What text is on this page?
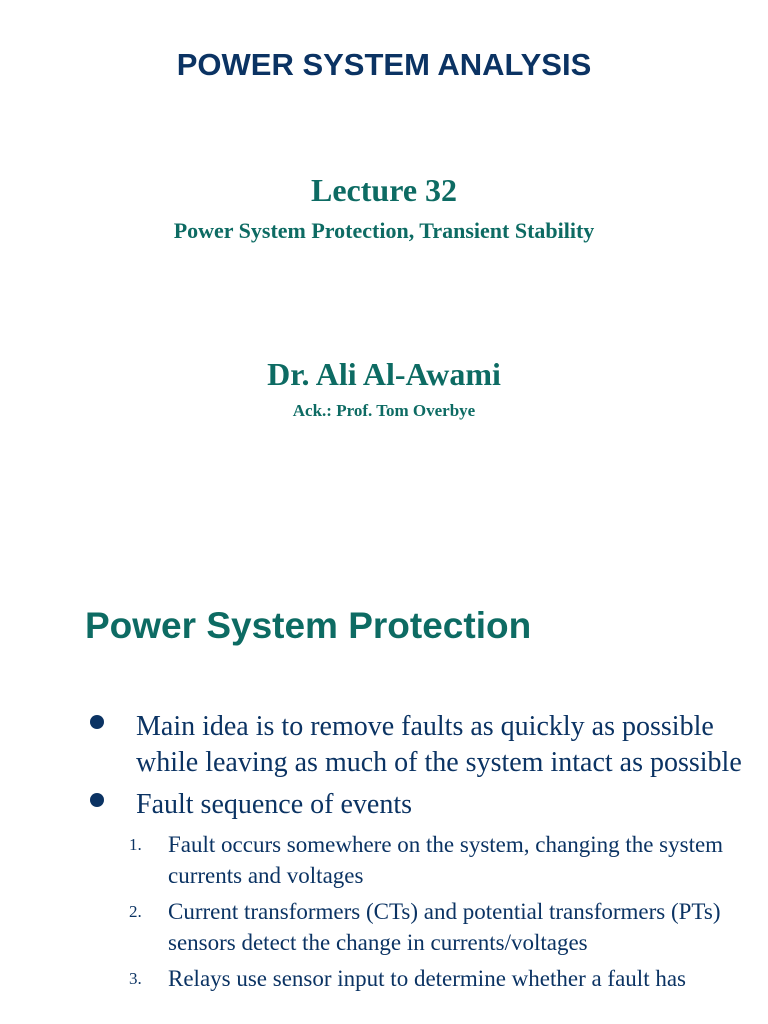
POWER SYSTEM ANALYSIS
Lecture 32
Power System Protection, Transient Stability
Dr. Ali Al-Awami
Ack.: Prof. Tom Overbye
Power System Protection
Main idea is to remove faults as quickly as possible while leaving as much of the system intact as possible
Fault sequence of events
1. Fault occurs somewhere on the system, changing the system currents and voltages
2. Current transformers (CTs) and potential transformers (PTs) sensors detect the change in currents/voltages
3. Relays use sensor input to determine whether a fault has
